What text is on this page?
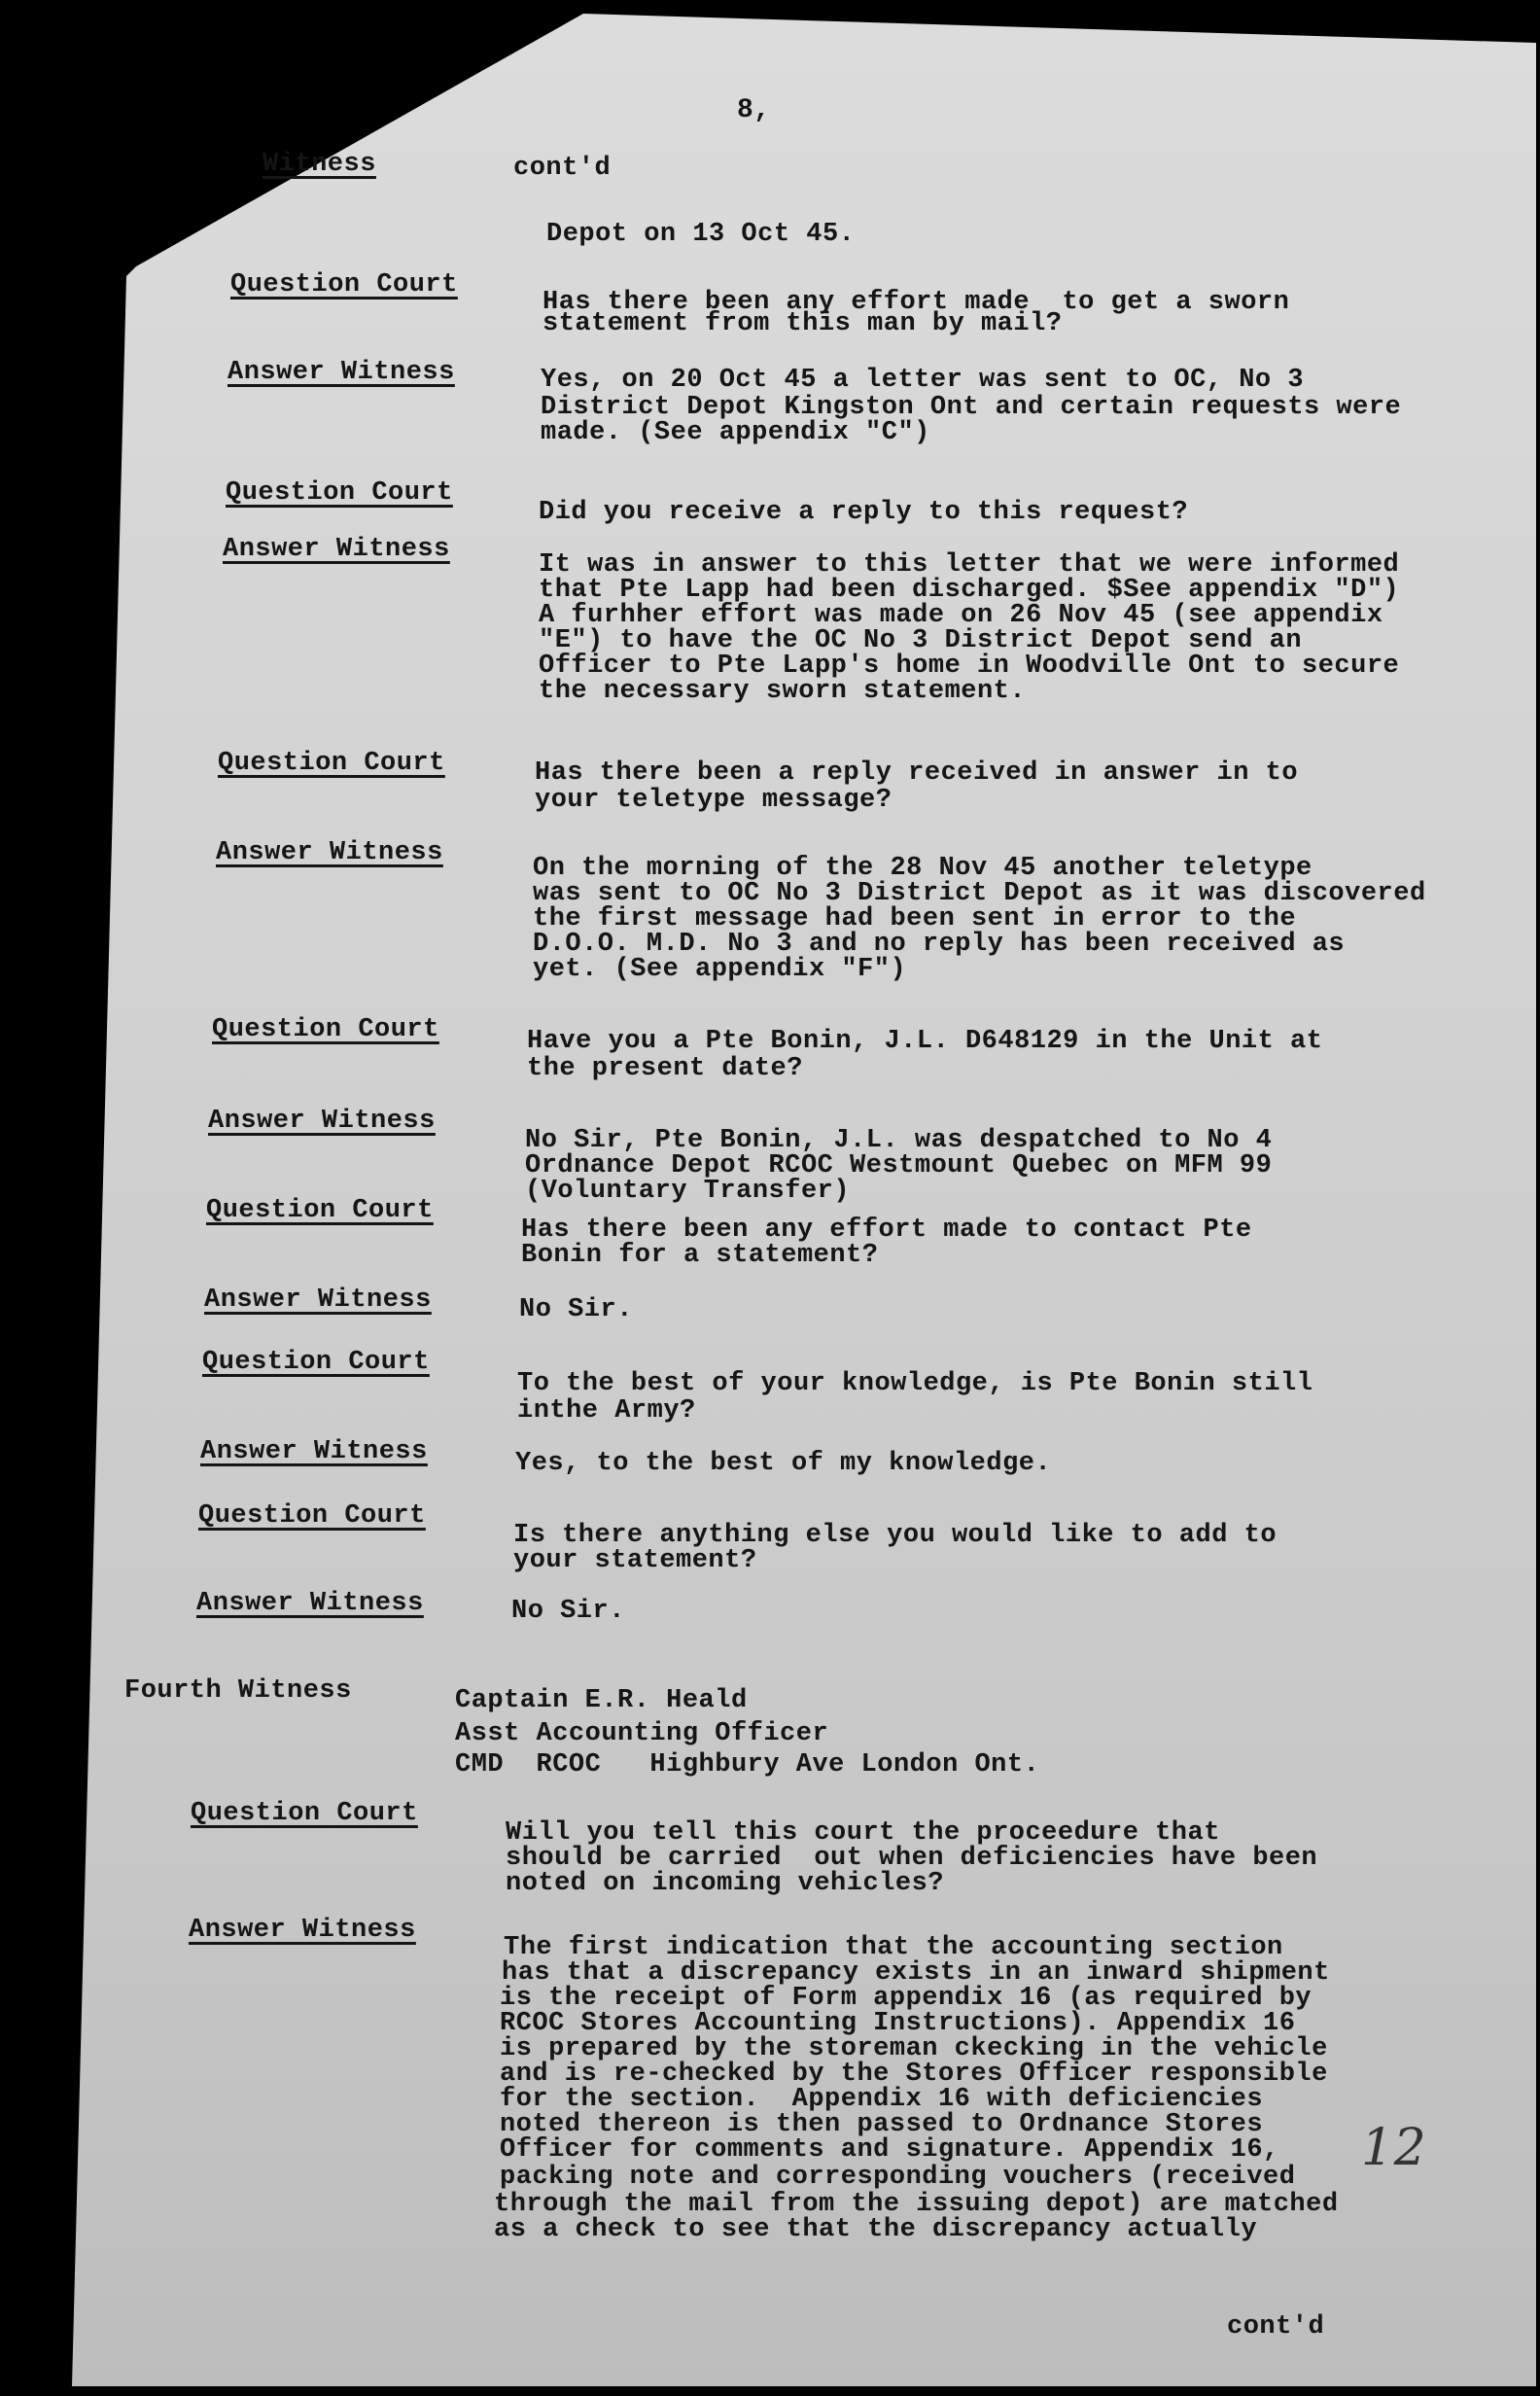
8,
Witness	cont'd
Depot on 13 Oct 45.
Question Court
Has there been any effort made  to get a sworn
statement from this man by mail?
Answer Witness	Yes, on 20 Oct 45 a letter was sent to OC, No 3
District Depot Kingston Ont and certain requests were
made. (See appendix "C")
Question Court
Did you receive a reply to this request?
Answer Witness
It was in answer to this letter that we were informed
that Pte Lapp had been discharged. $See appendix "D")
A furhher effort was made on 26 Nov 45 (see appendix
"E") to have the OC No 3 District Depot send an
Officer to Pte Lapp's home in Woodville Ont to secure
the necessary sworn statement.
Question Court	Has there been a reply received in answer in to
your teletype message?
Answer Witness
On the morning of the 28 Nov 45 another teletype
was sent to OC No 3 District Depot as it was discovered
the first message had been sent in error to the
D.O.O. M.D. No 3 and no reply has been received as
yet. (See appendix "F")
Question Court	Have you a Pte Bonin, J.L. D648129 in the Unit at
the present date?
Answer Witness
No Sir, Pte Bonin, J.L. was despatched to No 4
Ordnance Depot RCOC Westmount Quebec on MFM 99
(Voluntary Transfer)
Question Court
Has there been any effort made to contact Pte
Bonin for a statement?
Answer Witness	No Sir.
Question Court
To the best of your knowledge, is Pte Bonin still
inthe Army?
Answer Witness	Yes, to the best of my knowledge.
Question Court
Is there anything else you would like to add to
your statement?
Answer Witness	No Sir.
Fourth Witness	Captain E.R. Heald
Asst Accounting Officer
CMD  RCOC   Highbury Ave London Ont.
Question Court
Will you tell this court the proceedure that
should be carried  out when deficiencies have been
noted on incoming vehicles?
Answer Witness
The first indication that the accounting section
has that a discrepancy exists in an inward shipment
is the receipt of Form appendix 16 (as required by
RCOC Stores Accounting Instructions). Appendix 16
is prepared by the storeman ckecking in the vehicle
and is re-checked by the Stores Officer responsible
for the section.  Appendix 16 with deficiencies
noted thereon is then passed to Ordnance Stores
Officer for comments and signature. Appendix 16,
packing note and corresponding vouchers (received
through the mail from the issuing depot) are matched
as a check to see that the discrepancy actually
12
cont'd
